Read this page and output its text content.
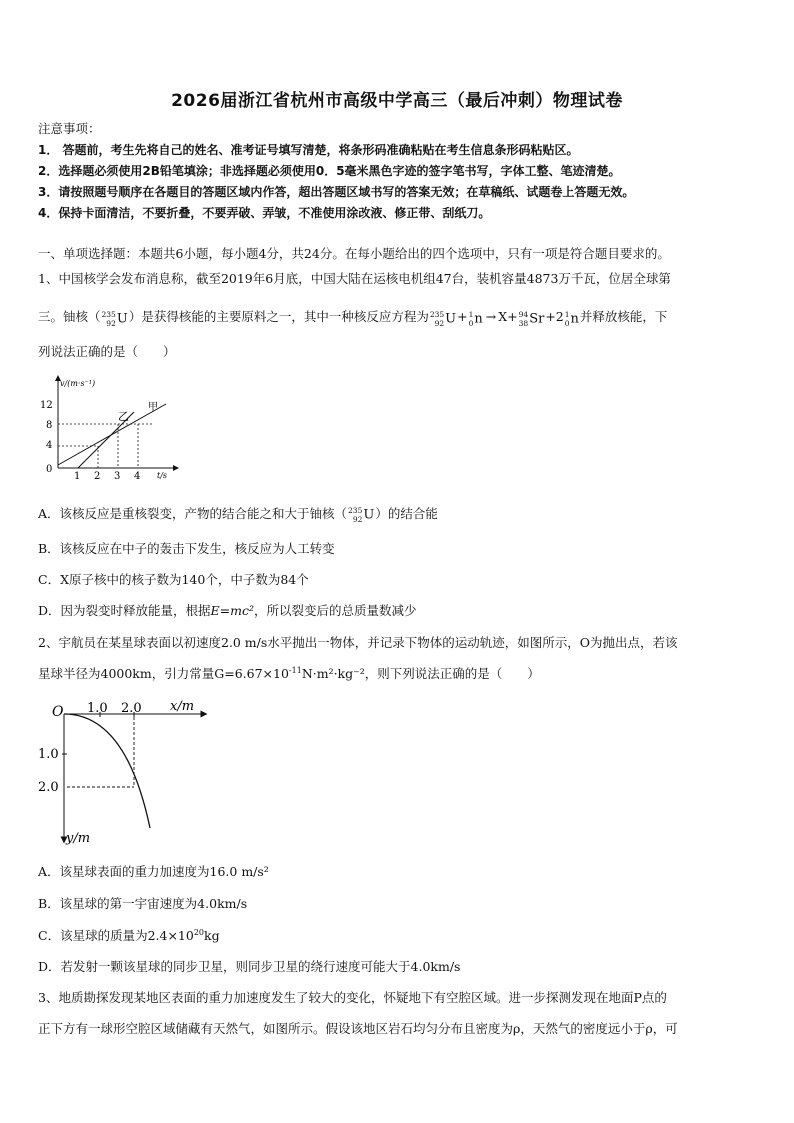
2026届浙江省杭州市高级中学高三（最后冲刺）物理试卷
注意事项：
1． 答题前，考生先将自己的姓名、准考证号填写清楚，将条形码准确粘贴在考生信息条形码粘贴区。
2．选择题必须使用2B铅笔填涂；非选择题必须使用0．5毫米黑色字迹的签字笔书写，字体工整、笔迹清楚。
3．请按照题号顺序在各题目的答题区域内作答，超出答题区域书写的答案无效；在草稿纸、试题卷上答题无效。
4．保持卡面清洁，不要折叠，不要弄破、弄皱，不准使用涂改液、修正带、刮纸刀。
一、单项选择题：本题共6小题，每小题4分，共24分。在每小题给出的四个选项中，只有一项是符合题目要求的。
1、中国核学会发布消息称，截至2019年6月底，中国大陆在运核电机组47台，装机容量4873万千瓦，位居全球第
三。铀核（235
92U）是获得核能的主要原料之一，其中一种核反应方程为235
92U+1
0n → X+94
38Sr+21
0n并释放核能，下
列说法正确的是（　　）
v/(m·s⁻¹)
t/s
12
8
4
0
1 2 3 4
乙
甲
A．该核反应是重核裂变，产物的结合能之和大于铀核（235
92U）的结合能
B．该核反应在中子的轰击下发生，核反应为人工转变
C．X原子核中的核子数为140个，中子数为84个
D．因为裂变时释放能量，根据E=mc²，所以裂变后的总质量数减少
2、宇航员在某星球表面以初速度2.0 m/s水平抛出一物体，并记录下物体的运动轨迹，如图所示，O为抛出点，若该
星球半径为4000km，引力常量$G=6.67\times 10^{-11}N\cdot m^2\cdot kg^{-2}$，则下列说法正确的是（　　）
O	x/m
y/m
1.0 2.0
1.0
2.0
A．该星球表面的重力加速度为16.0 m/s²
B．该星球的第一宇宙速度为4.0km/s
C．该星球的质量为$2.4\times 10^{20}kg$
D．若发射一颗该星球的同步卫星，则同步卫星的绕行速度可能大于4.0km/s
3、地质勘探发现某地区表面的重力加速度发生了较大的变化，怀疑地下有空腔区域。进一步探测发现在地面P点的
正下方有一球形空腔区域储藏有天然气，如图所示。假设该地区岩石均匀分布且密度为ρ，天然气的密度远小于ρ，可
